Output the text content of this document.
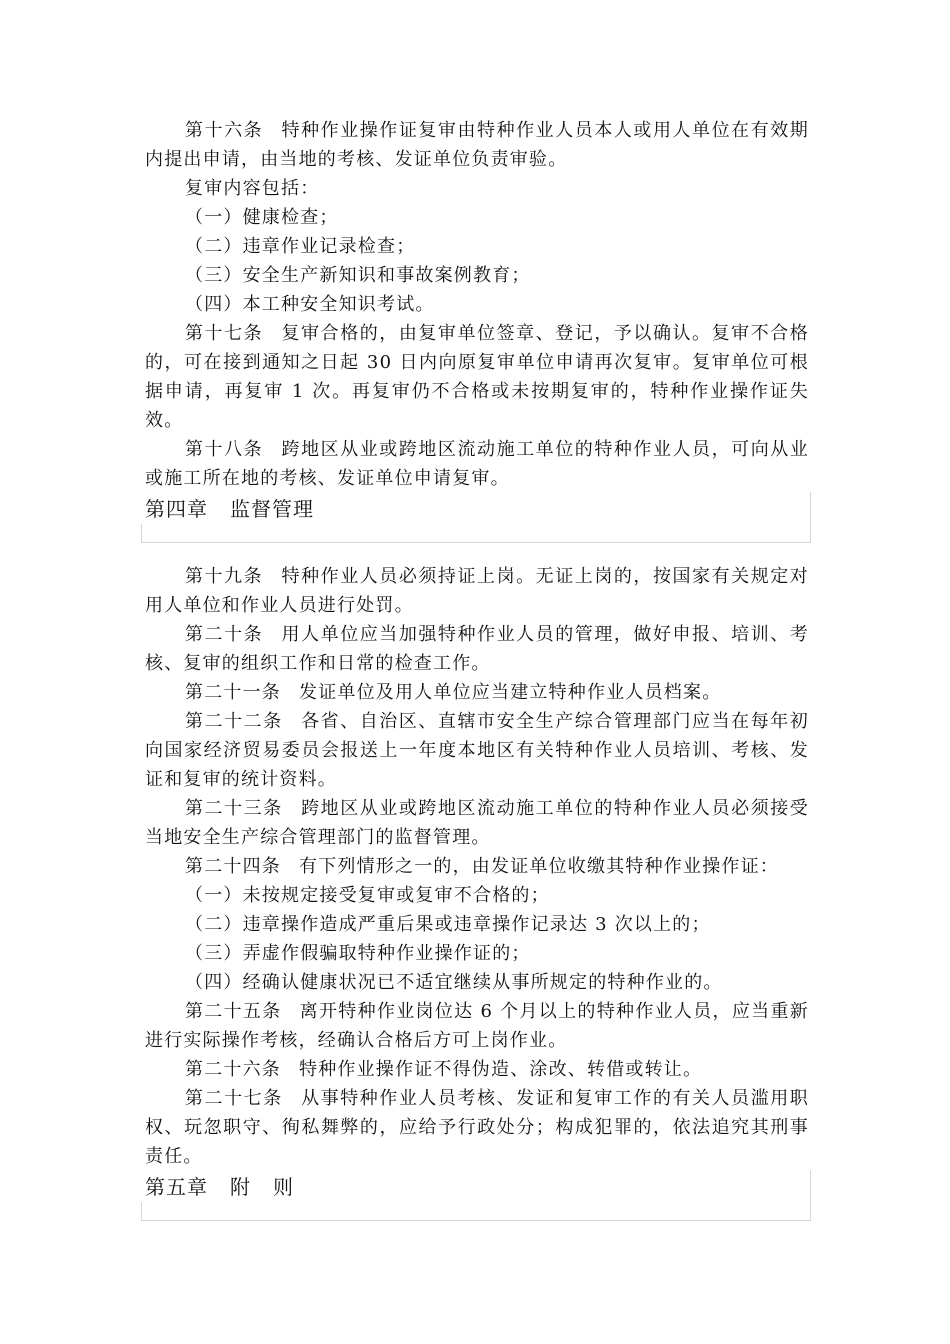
第十六条 特种作业操作证复审由特种作业人员本人或用人单位在有效期内提出申请，由当地的考核、发证单位负责审验。

复审内容包括：

（一）健康检查；

（二）违章作业记录检查；

（三）安全生产新知识和事故案例教育；

（四）本工种安全知识考试。

第十七条 复审合格的，由复审单位签章、登记，予以确认。复审不合格的，可在接到通知之日起 30 日内向原复审单位申请再次复审。复审单位可根据申请，再复审 1 次。再复审仍不合格或未按期复审的，特种作业操作证失效。

第十八条 跨地区从业或跨地区流动施工单位的特种作业人员，可向从业或施工所在地的考核、发证单位申请复审。

第四章 监督管理

第十九条 特种作业人员必须持证上岗。无证上岗的，按国家有关规定对用人单位和作业人员进行处罚。

第二十条 用人单位应当加强特种作业人员的管理，做好申报、培训、考核、复审的组织工作和日常的检查工作。

第二十一条 发证单位及用人单位应当建立特种作业人员档案。

第二十二条 各省、自治区、直辖市安全生产综合管理部门应当在每年初向国家经济贸易委员会报送上一年度本地区有关特种作业人员培训、考核、发证和复审的统计资料。

第二十三条 跨地区从业或跨地区流动施工单位的特种作业人员必须接受当地安全生产综合管理部门的监督管理。

第二十四条 有下列情形之一的，由发证单位收缴其特种作业操作证：

（一）未按规定接受复审或复审不合格的；

（二）违章操作造成严重后果或违章操作记录达 3 次以上的；

（三）弄虚作假骗取特种作业操作证的；

（四）经确认健康状况已不适宜继续从事所规定的特种作业的。

第二十五条 离开特种作业岗位达 6 个月以上的特种作业人员，应当重新进行实际操作考核，经确认合格后方可上岗作业。

第二十六条 特种作业操作证不得伪造、涂改、转借或转让。

第二十七条 从事特种作业人员考核、发证和复审工作的有关人员滥用职权、玩忽职守、徇私舞弊的，应给予行政处分；构成犯罪的，依法追究其刑事责任。

第五章 附 则
